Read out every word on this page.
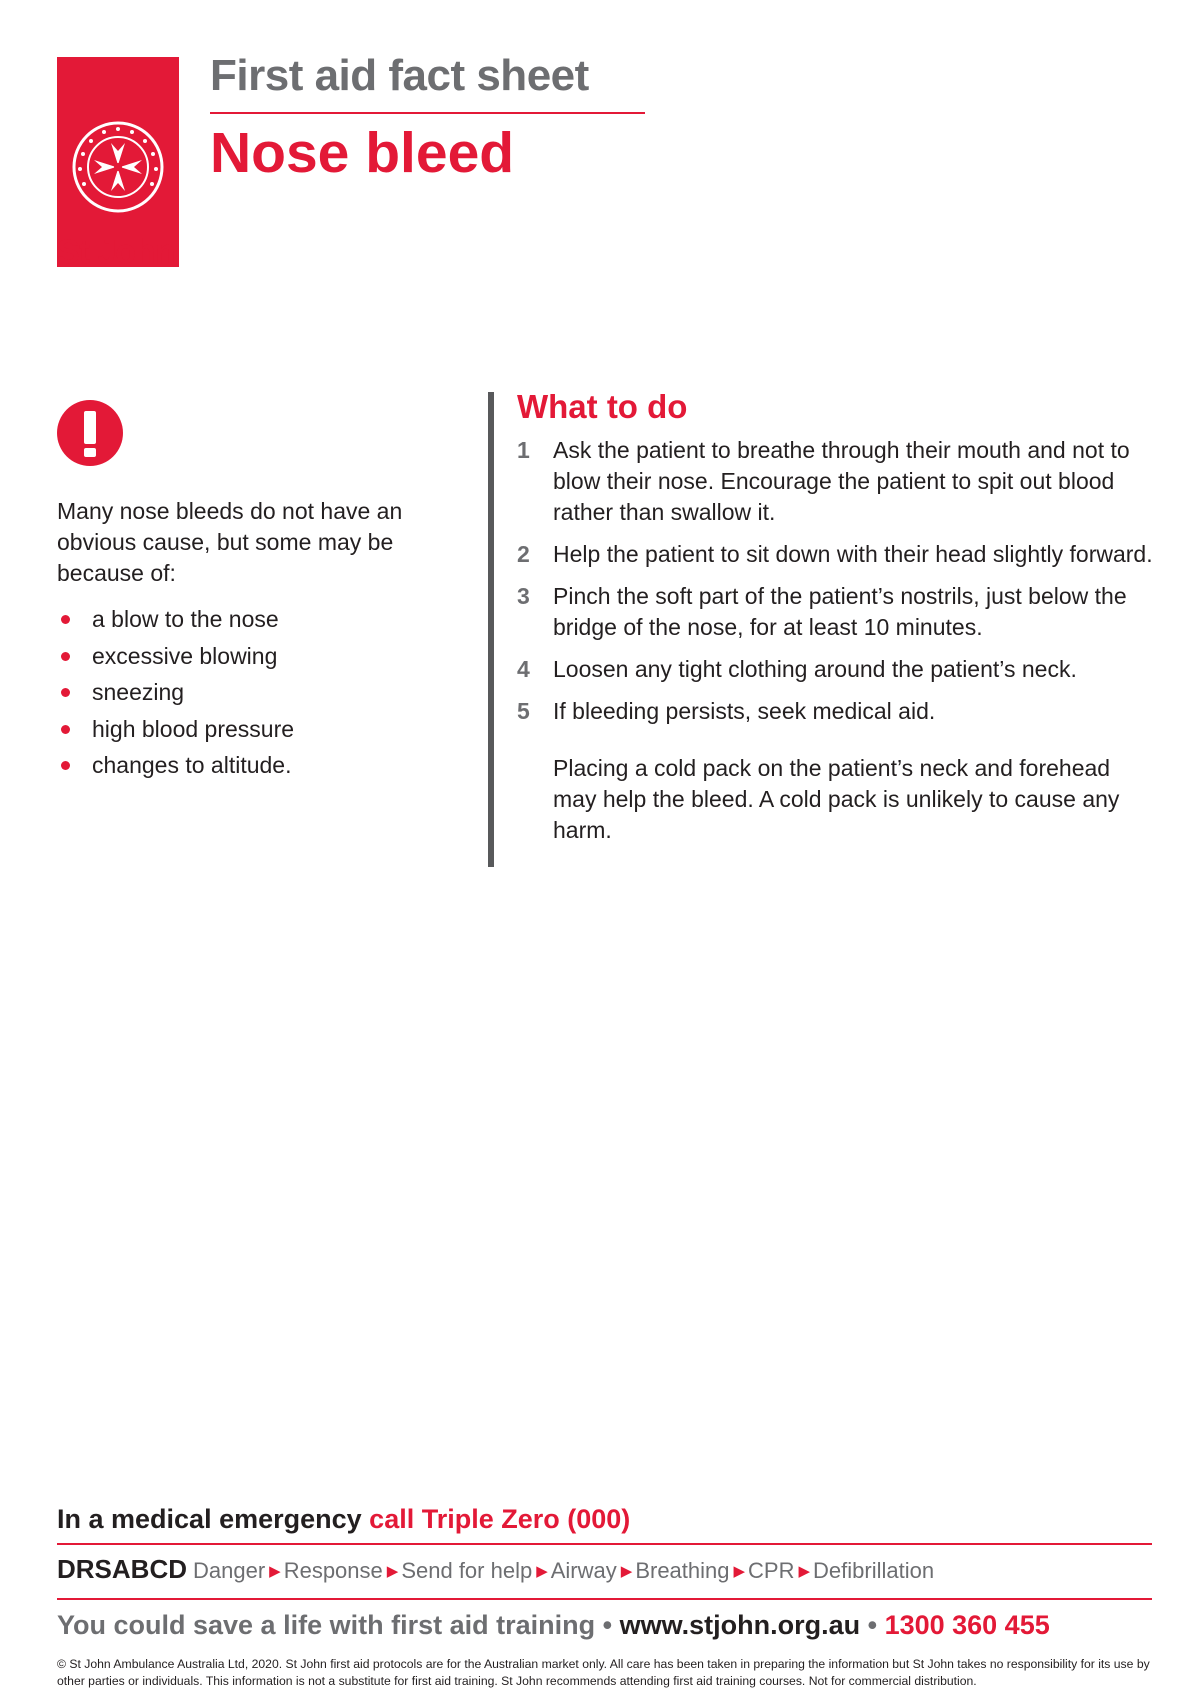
St John
First aid fact sheet
Nose bleed

Many nose bleeds do not have an obvious cause, but some may be because of:

a blow to the nose
excessive blowing
sneezing
high blood pressure
changes to altitude.
What to do
1 Ask the patient to breathe through their mouth and not to blow their nose. Encourage the patient to spit out blood rather than swallow it.
2 Help the patient to sit down with their head slightly forward.
3 Pinch the soft part of the patient’s nostrils, just below the bridge of the nose, for at least 10 minutes.
4 Loosen any tight clothing around the patient’s neck.
5 If bleeding persists, seek medical aid.

Placing a cold pack on the patient’s neck and forehead may help the bleed. A cold pack is unlikely to cause any harm.

In a medical emergency call Triple Zero (000)
DRSABCD Danger ▶ Response ▶ Send for help ▶ Airway ▶ Breathing ▶ CPR ▶ Defibrillation
You could save a life with first aid training • www.stjohn.org.au • 1300 360 455

© St John Ambulance Australia Ltd, 2020. St John first aid protocols are for the Australian market only. All care has been taken in preparing the information but St John takes no responsibility for its use by other parties or individuals. This information is not a substitute for first aid training. St John recommends attending first aid training courses. Not for commercial distribution.
